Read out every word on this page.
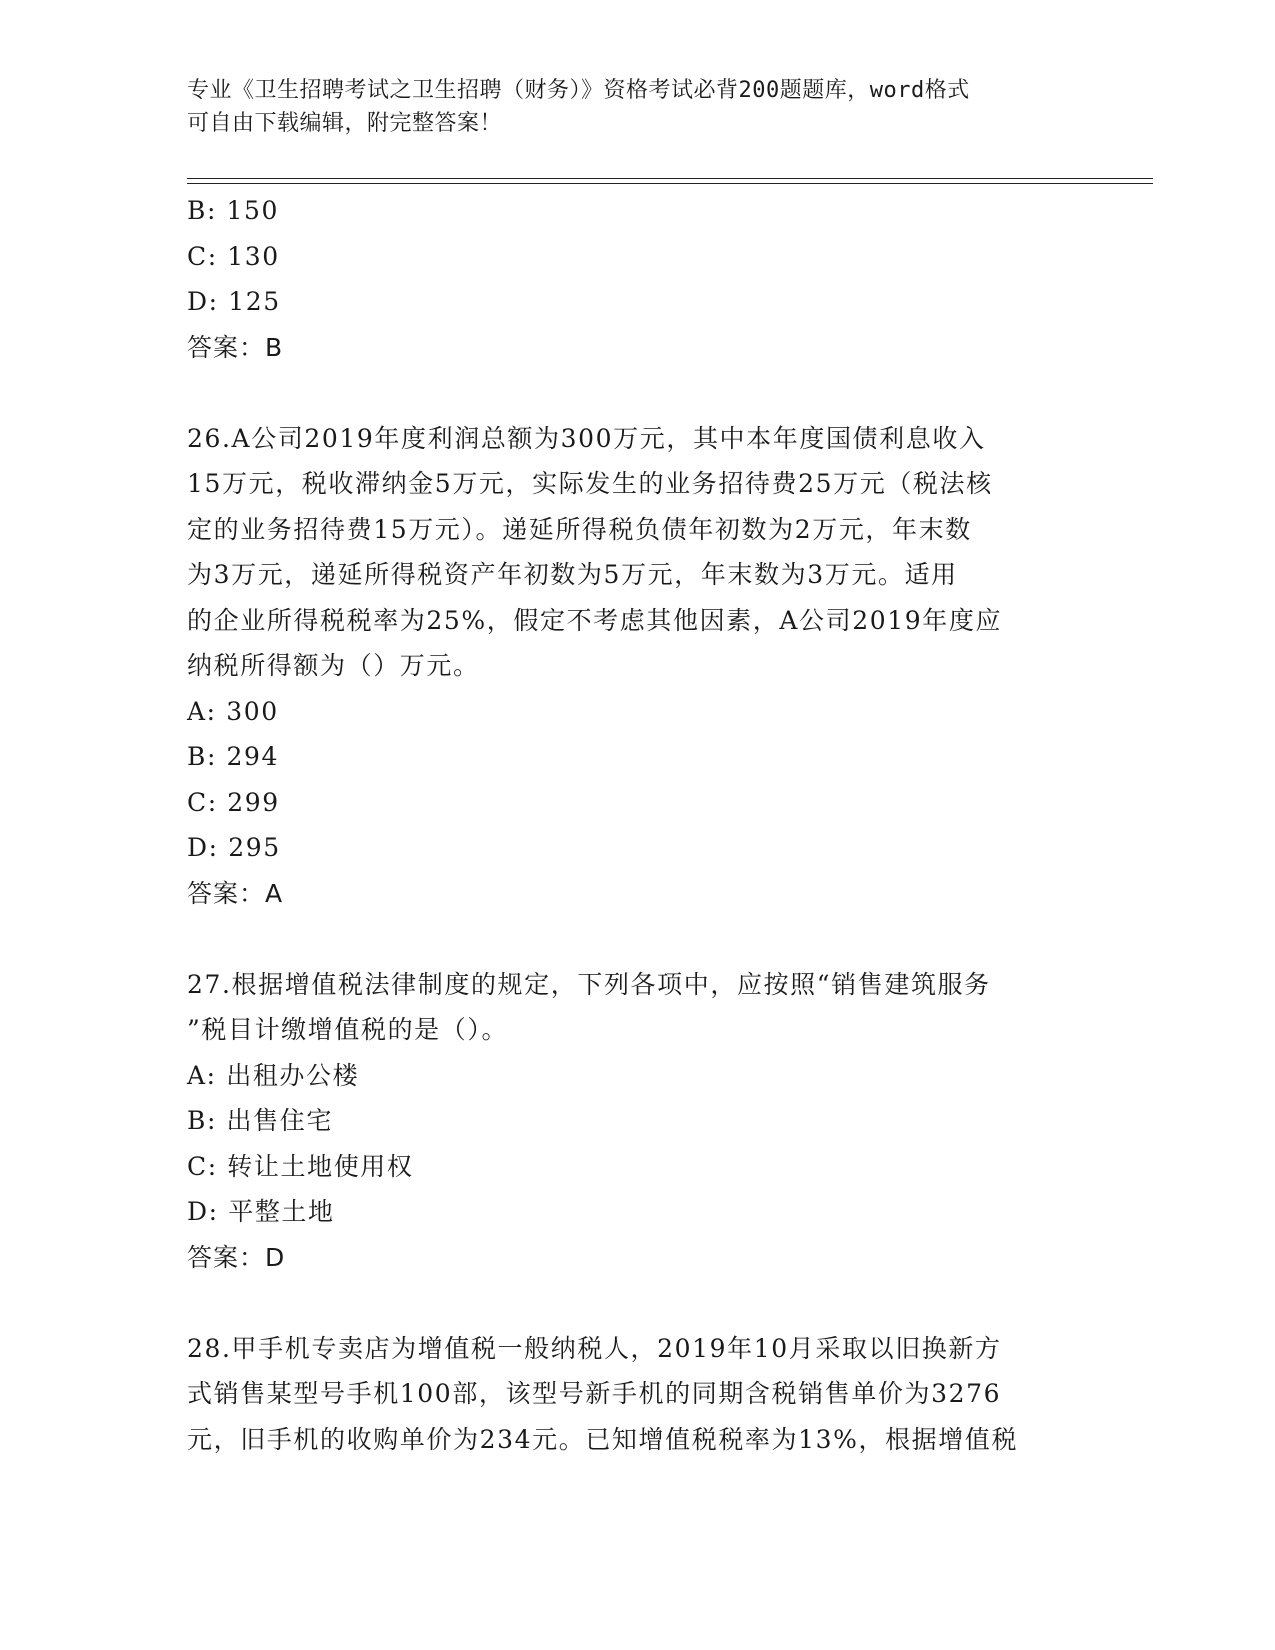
专业《卫生招聘考试之卫生招聘（财务）》资格考试必背200题题库，word格式
可自由下载编辑，附完整答案！
B: 150
C: 130
D: 125
答案：B
26.A公司2019年度利润总额为300万元，其中本年度国债利息收入
15万元，税收滞纳金5万元，实际发生的业务招待费25万元（税法核
定的业务招待费15万元）。递延所得税负债年初数为2万元，年末数
为3万元，递延所得税资产年初数为5万元，年末数为3万元。适用
的企业所得税税率为25%，假定不考虑其他因素，A公司2019年度应
纳税所得额为（）万元。
A: 300
B: 294
C: 299
D: 295
答案：A
27.根据增值税法律制度的规定，下列各项中，应按照“销售建筑服务
”税目计缴增值税的是（）。
A: 出租办公楼
B: 出售住宅
C: 转让土地使用权
D: 平整土地
答案：D
28.甲手机专卖店为增值税一般纳税人，2019年10月采取以旧换新方
式销售某型号手机100部，该型号新手机的同期含税销售单价为3276
元，旧手机的收购单价为234元。已知增值税税率为13%，根据增值税
